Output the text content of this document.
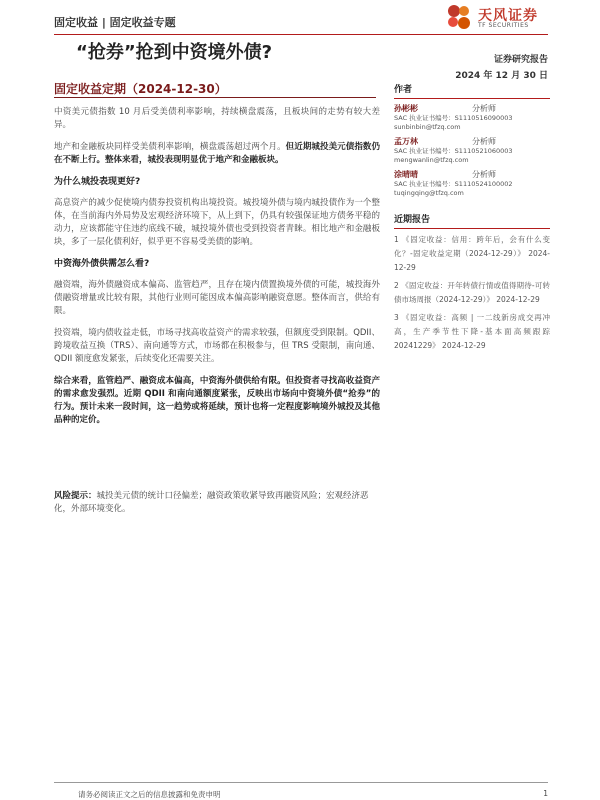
固定收益 | 固定收益专题	天风证券
TF SECURITIES
“抢券”抢到中资境外债?	证券研究报告
2024 年 12 月 30 日
固定收益定期（2024-12-30）

中资美元债指数 10 月后受美债利率影响，持续横盘震荡，且板块间的走势有较大差异。

地产和金融板块同样受美债利率影响，横盘震荡超过两个月。但近期城投美元债指数仍在不断上行。整体来看，城投表现明显优于地产和金融板块。

为什么城投表现更好?

高息资产的减少促使境内债券投资机构出境投资。城投境外债与境内城投债作为一个整体，在当前海内外局势及宏观经济环境下，从上到下，仍具有较强保证地方债务平稳的动力，应该都能守住违约底线不破，城投境外债也受到投资者青睐。相比地产和金融板块，多了一层化债利好，似乎更不容易受美债的影响。

中资海外债供需怎么看?

融资端，海外债融资成本偏高、监管趋严，且存在境内债置换境外债的可能，城投海外债融资增量或比较有限，其他行业则可能因成本偏高影响融资意愿。整体而言，供给有限。

投资端，境内债收益走低，市场寻找高收益资产的需求较强，但额度受到限制。QDII、跨境收益互换（TRS）、南向通等方式，市场都在积极参与，但 TRS 受限制，南向通、QDII 额度愈发紧张，后续变化还需要关注。

综合来看，监管趋严、融资成本偏高，中资海外债供给有限。但投资者寻找高收益资产的需求愈发强烈。近期 QDII 和南向通额度紧张，反映出市场向中资境外债“抢券”的行为。预计未来一段时间，这一趋势或将延续，预计也将一定程度影响境外城投及其他品种的定价。

风险提示：城投美元债的统计口径偏差；融资政策收紧导致再融资风险；宏观经济恶化，外部环境变化。
作者
孙彬彬	分析师
SAC 执业证书编号：S1110516090003
sunbinbin@tfzq.com
孟万林	分析师
SAC 执业证书编号：S1110521060003
mengwanlin@tfzq.com
涂晴晴	分析师
SAC 执业证书编号：S1110524100002
tuqingqing@tfzq.com
近期报告
1 《固定收益：信用：跨年后，会有什么变化？-固定收益定期（2024-12-29）》 2024-12-29
2 《固定收益：开年转债行情或值得期待-可转债市场周报（2024-12-29）》 2024-12-29
3 《固定收益：高频 | 一二线新房成交再冲高，生产季节性下降-基本面高频跟踪 20241229》 2024-12-29
请务必阅读正文之后的信息披露和免责申明	1
